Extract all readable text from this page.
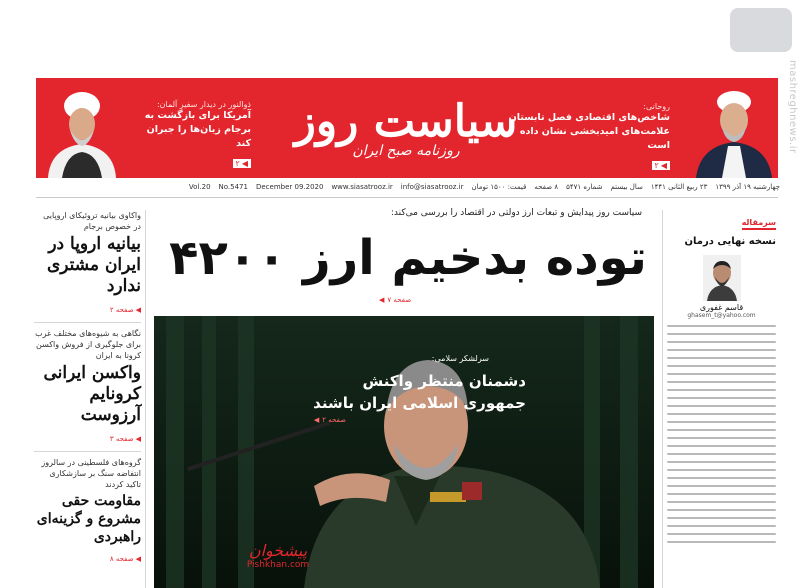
mashreghnews.ir
ذوالنور در دیدار سفیر آلمان:
آمریکا برای بازگشت به برجام زیان‌ها را جبران کند
◀
۲
سیاست روز
روزنامه صبح ایران
روحانی:
شاخص‌های اقتصادی فصل تابستان علامت‌های امیدبخشی نشان داده است
◀
۲
چهارشنبه ۱۹ آذر ۱۳۹۹
۲۳ ربیع الثانی ۱۴۴۱
سال بیستم
شماره ۵۴۷۱
۸ صفحه
قیمت: ۱۵۰۰ تومان
info@siasatrooz.ir
www.siasatrooz.ir
December 09.2020
No.5471
Vol.20
واکاوی بیانیه تروئیکای اروپایی در خصوص برجام
بیانیه اروپا در ایران مشتری ندارد
◀
صفحه ۲
نگاهی به شیوه‌های مختلف غرب برای جلوگیری از فروش واکسن کرونا به ایران
واکسن ایرانی کرونایم آرزوست
◀
صفحه ۳
گروه‌های فلسطینی در سالروز انتفاضه سنگ بر سازشکاری تاکید کردند
مقاومت حقی مشروع و گزینه‌ای راهبردی
◀
صفحه ۸
سیاست روز پیدایش و تبعات ارز دولتی در اقتصاد را بررسی می‌کند:
توده بدخیم ارز ۴۲۰۰
صفحه ۷
◀
سرلشکر سلامی:
دشمنان منتظر واکنش جمهوری اسلامی ایران باشند
صفحه ۲
◀
پیشخوان
Pishkhan.com
سرمقاله
نسخه نهایی درمان
قاسم غفوری
ghasem_t@yahoo.com
